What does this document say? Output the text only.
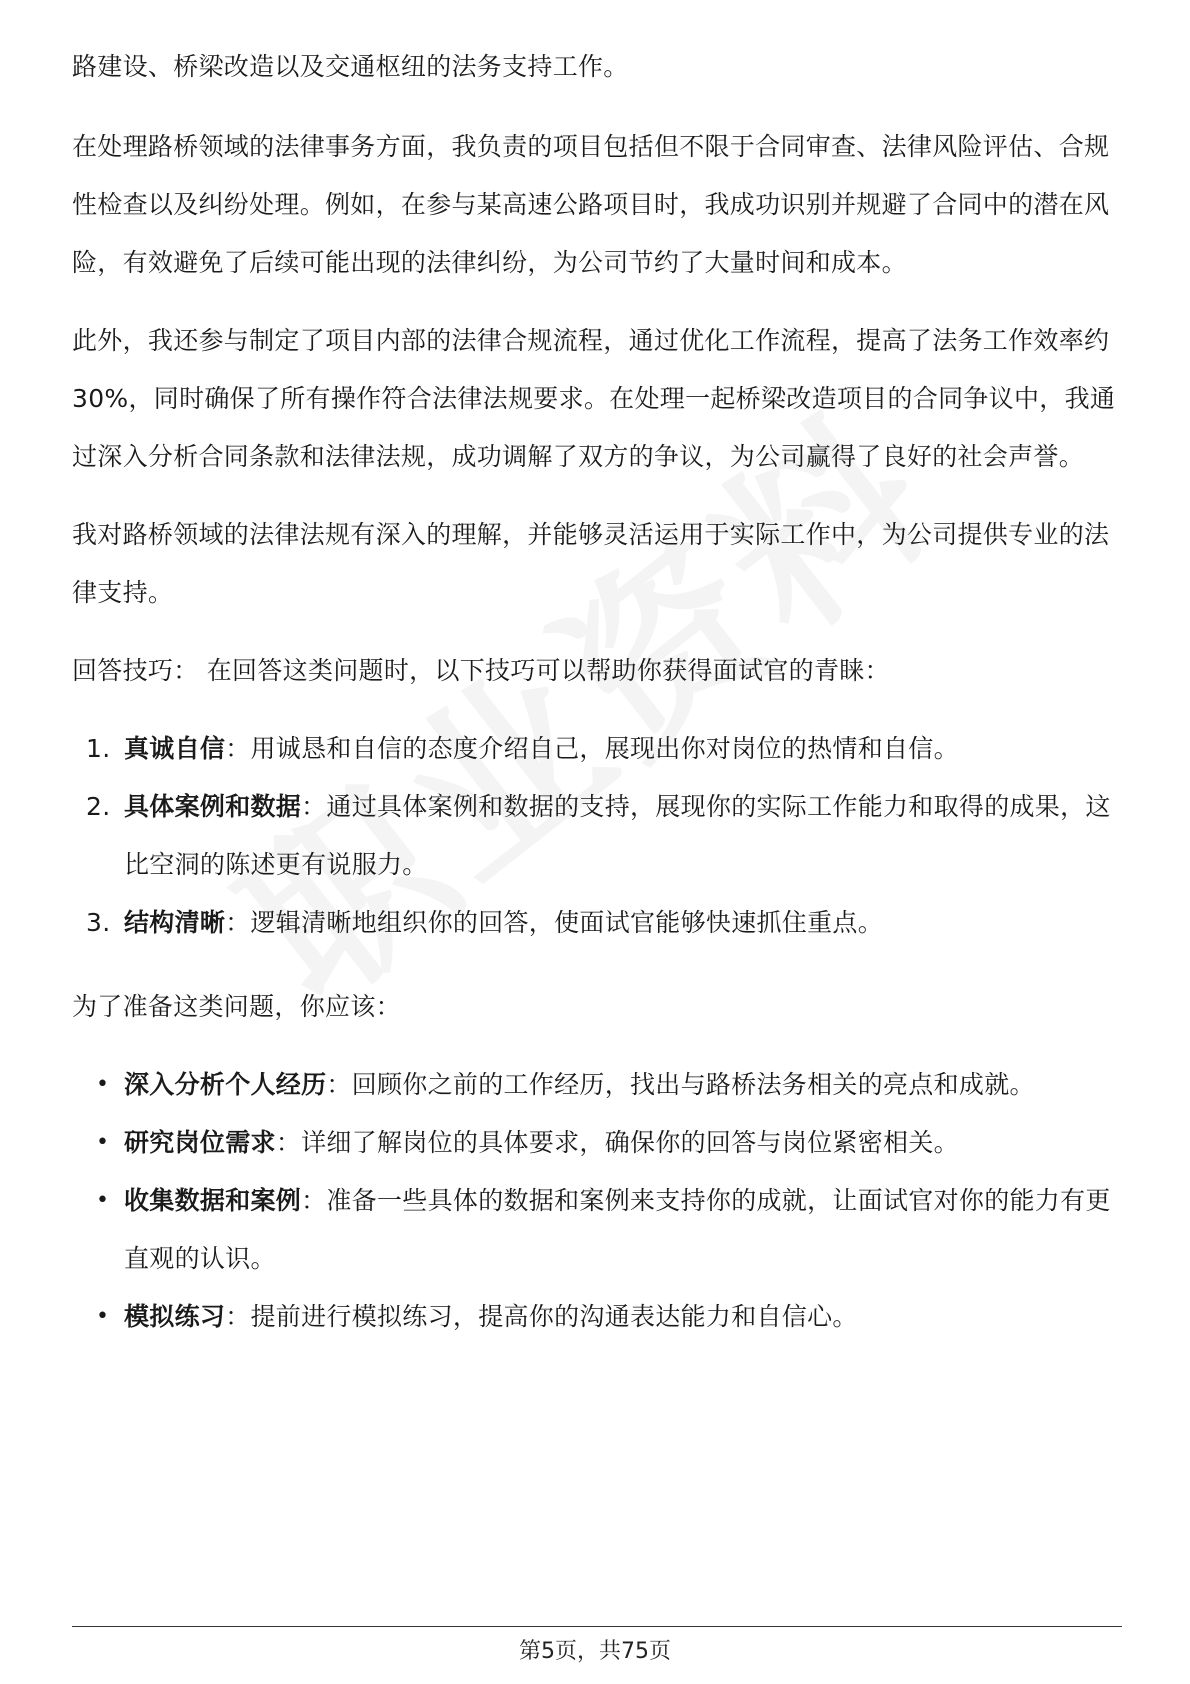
路建设、桥梁改造以及交通枢纽的法务支持工作。

在处理路桥领域的法律事务方面，我负责的项目包括但不限于合同审查、法律风险评估、合规性检查以及纠纷处理。例如，在参与某高速公路项目时，我成功识别并规避了合同中的潜在风险，有效避免了后续可能出现的法律纠纷，为公司节约了大量时间和成本。

此外，我还参与制定了项目内部的法律合规流程，通过优化工作流程，提高了法务工作效率约30%，同时确保了所有操作符合法律法规要求。在处理一起桥梁改造项目的合同争议中，我通过深入分析合同条款和法律法规，成功调解了双方的争议，为公司赢得了良好的社会声誉。

我对路桥领域的法律法规有深入的理解，并能够灵活运用于实际工作中，为公司提供专业的法律支持。

回答技巧： 在回答这类问题时，以下技巧可以帮助你获得面试官的青睐：

1. 真诚自信：用诚恳和自信的态度介绍自己，展现出你对岗位的热情和自信。
2. 具体案例和数据：通过具体案例和数据的支持，展现你的实际工作能力和取得的成果，这比空洞的陈述更有说服力。
3. 结构清晰：逻辑清晰地组织你的回答，使面试官能够快速抓住重点。

为了准备这类问题，你应该：

• 深入分析个人经历：回顾你之前的工作经历，找出与路桥法务相关的亮点和成就。
• 研究岗位需求：详细了解岗位的具体要求，确保你的回答与岗位紧密相关。
• 收集数据和案例：准备一些具体的数据和案例来支持你的成就，让面试官对你的能力有更直观的认识。
• 模拟练习：提前进行模拟练习，提高你的沟通表达能力和自信心。
第5页，共75页
